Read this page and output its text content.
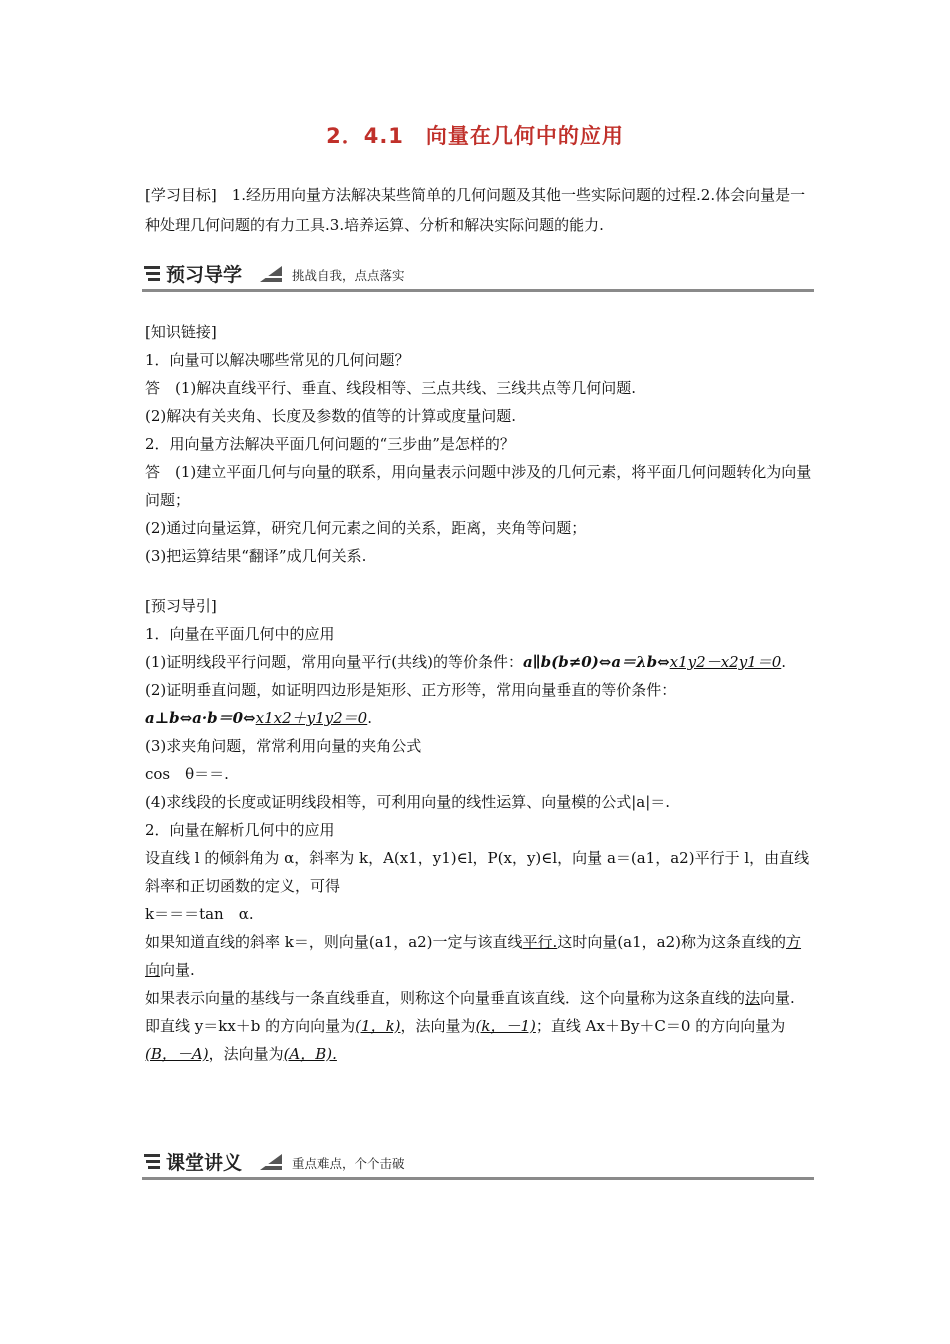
2．4.1　向量在几何中的应用
[学习目标]　1.经历用向量方法解决某些简单的几何问题及其他一些实际问题的过程.2.体会向量是一种处理几何问题的有力工具.3.培养运算、分析和解决实际问题的能力.
预习导学	挑战自我，点点落实

[知识链接]

1．向量可以解决哪些常见的几何问题？

答　(1)解决直线平行、垂直、线段相等、三点共线、三线共点等几何问题.

(2)解决有关夹角、长度及参数的值等的计算或度量问题.

2．用向量方法解决平面几何问题的“三步曲”是怎样的？

答　(1)建立平面几何与向量的联系，用向量表示问题中涉及的几何元素，将平面几何问题转化为向量问题；

(2)通过向量运算，研究几何元素之间的关系，距离，夹角等问题；

(3)把运算结果“翻译”成几何关系.

[预习导引]

1．向量在平面几何中的应用

(1)证明线段平行问题，常用向量平行(共线)的等价条件：a∥b(b≠0)⇔a＝λb⇔x1y2－x2y1＝0.

(2)证明垂直问题，如证明四边形是矩形、正方形等，常用向量垂直的等价条件：

a⊥b⇔a·b＝0⇔x1x2＋y1y2＝0.

(3)求夹角问题，常常利用向量的夹角公式

cos　θ＝＝.

(4)求线段的长度或证明线段相等，可利用向量的线性运算、向量模的公式|a|＝.

2．向量在解析几何中的应用

设直线 l 的倾斜角为 α，斜率为 k，A(x1，y1)∈l，P(x，y)∈l，向量 a＝(a1，a2)平行于 l，由直线斜率和正切函数的定义，可得

k＝＝＝tan　α.

如果知道直线的斜率 k＝，则向量(a1，a2)一定与该直线平行.这时向量(a1，a2)称为这条直线的方向向量.

如果表示向量的基线与一条直线垂直，则称这个向量垂直该直线．这个向量称为这条直线的法向量.

即直线 y＝kx＋b 的方向向量为(1，k)，法向量为(k，－1)；直线 Ax＋By＋C＝0 的方向向量为(B，－A)，法向量为(A，B).

课堂讲义	重点难点，个个击破
